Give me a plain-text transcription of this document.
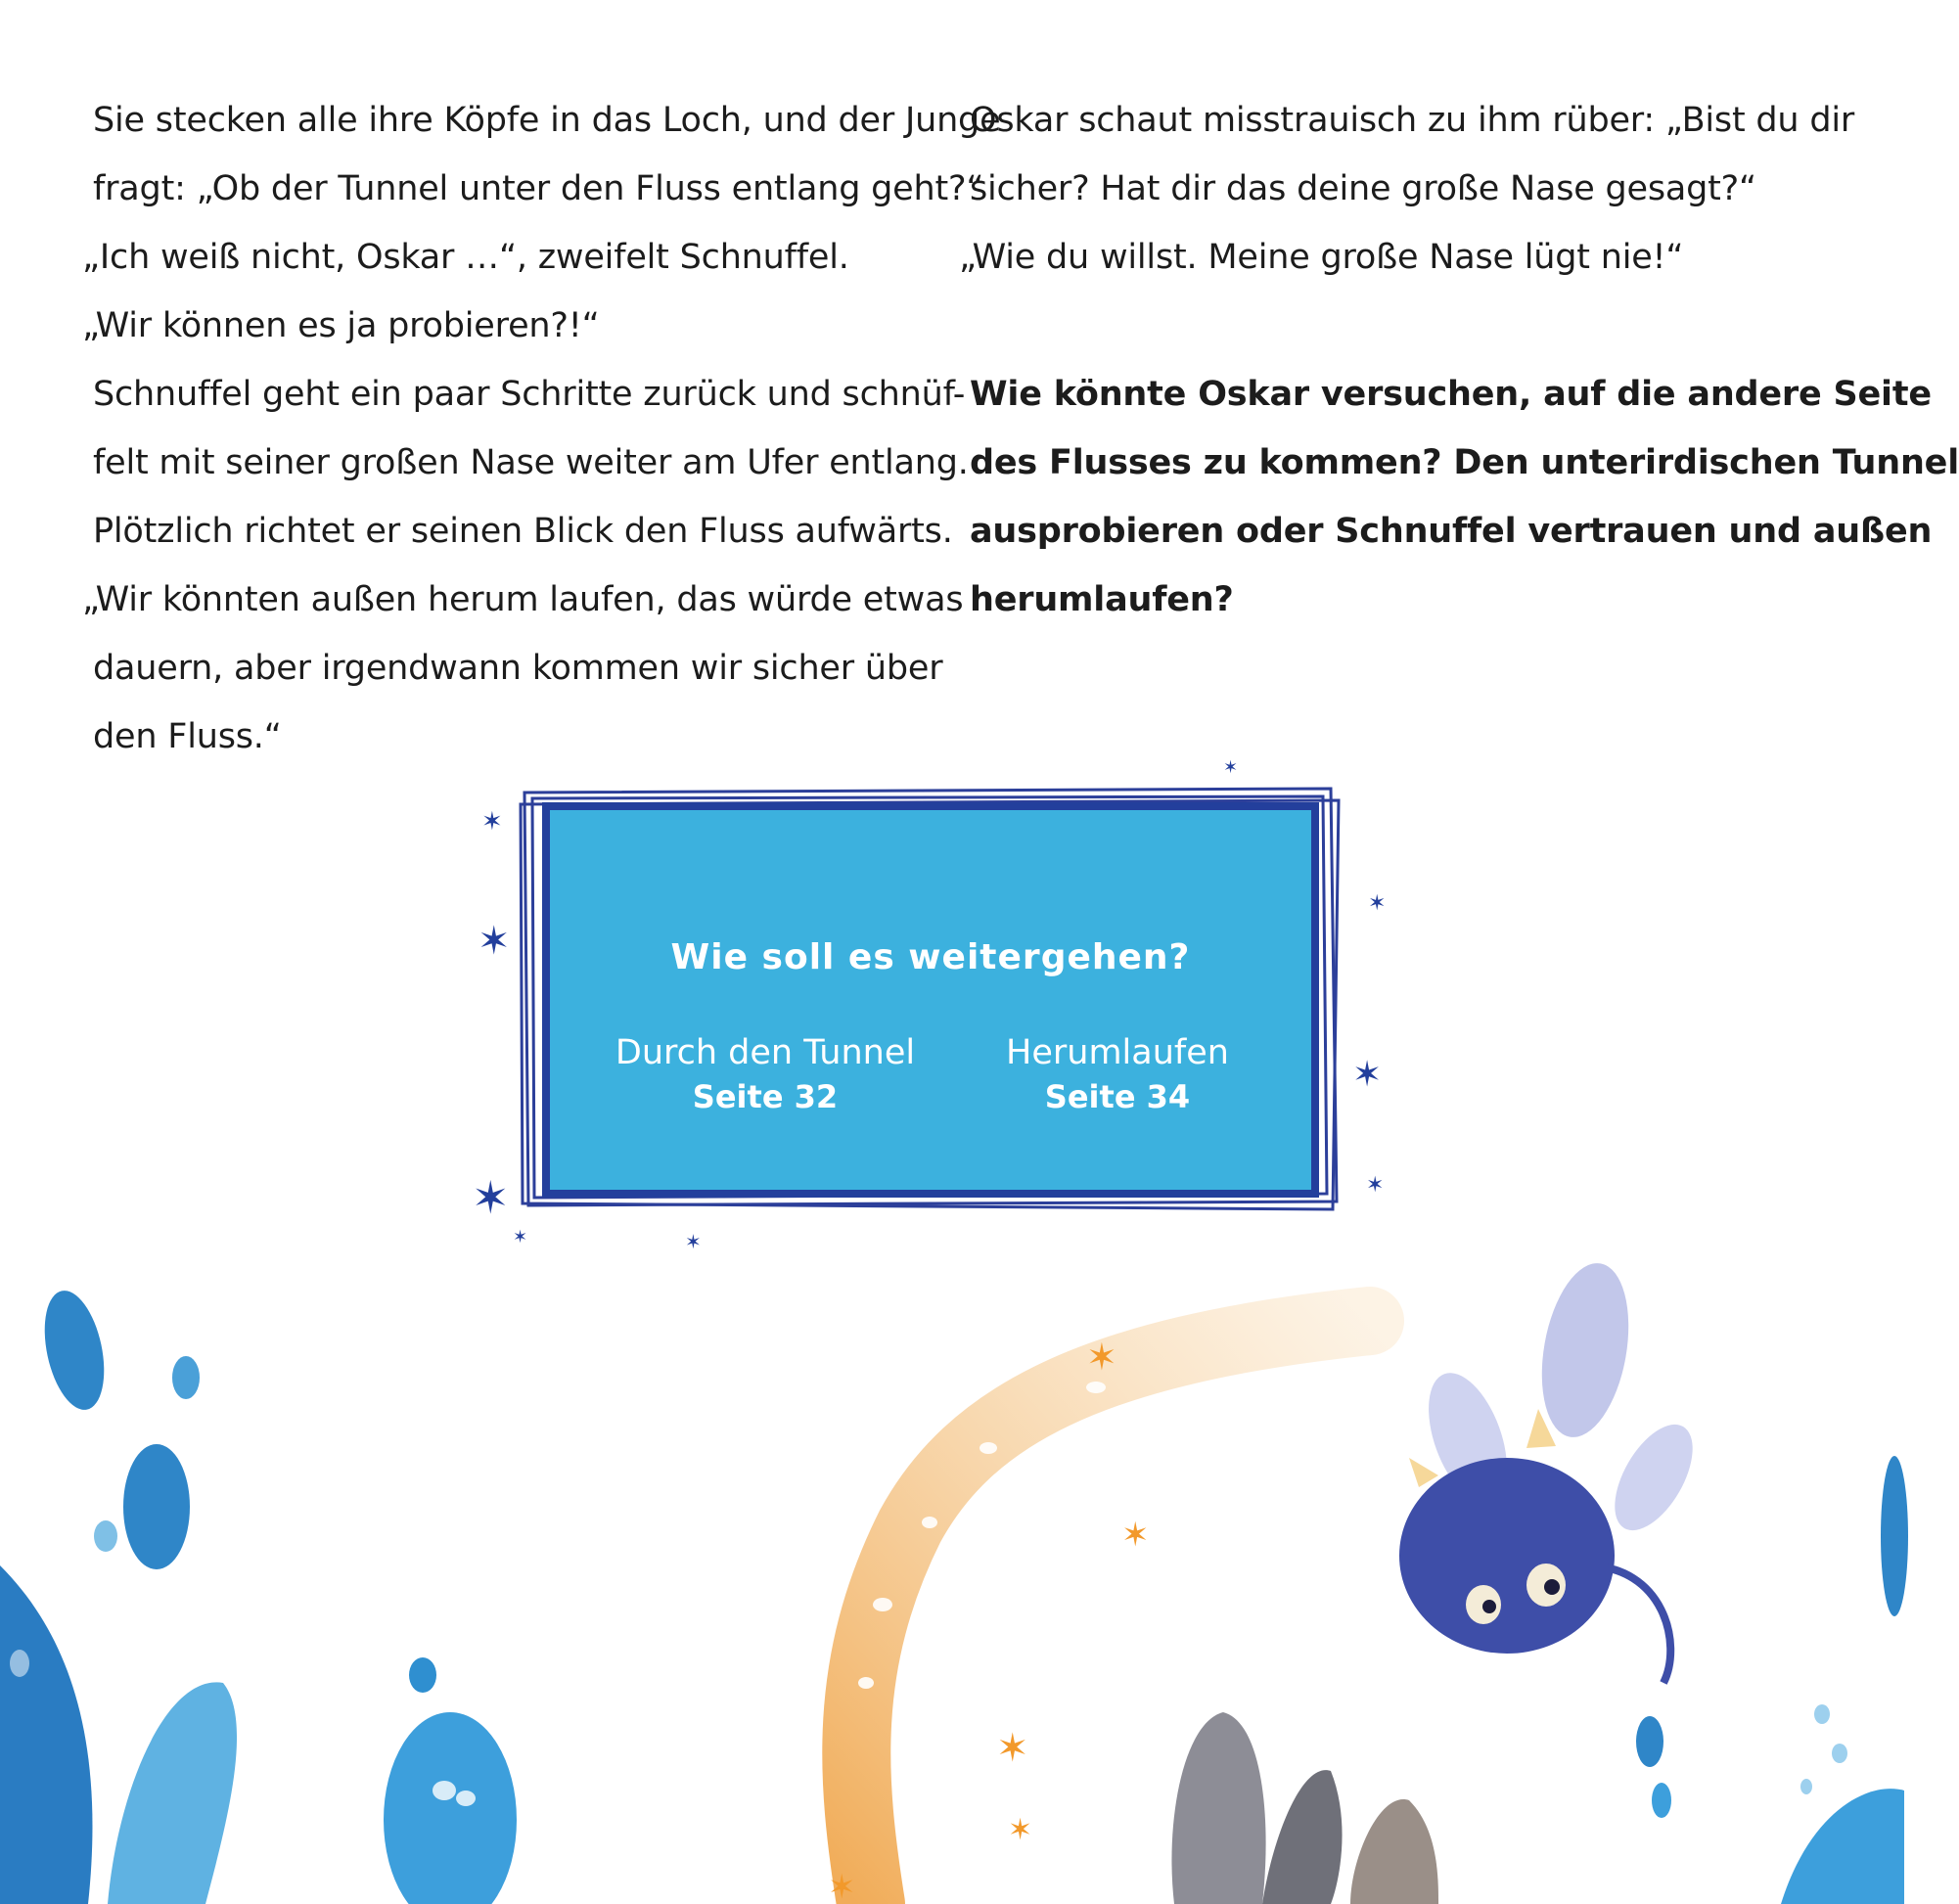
Sie stecken alle ihre Köpfe in das Loch, und der Junge
fragt: „Ob der Tunnel unter den Fluss entlang geht?“
„Ich weiß nicht, Oskar …“, zweifelt Schnuffel.
„Wir können es ja probieren?!“
Schnuffel geht ein paar Schritte zurück und schnüf-
felt mit seiner großen Nase weiter am Ufer entlang.
Plötzlich richtet er seinen Blick den Fluss aufwärts.
„Wir könnten außen herum laufen, das würde etwas
dauern, aber irgendwann kommen wir sicher über
den Fluss.“
Oskar schaut misstrauisch zu ihm rüber: „Bist du dir
sicher? Hat dir das deine große Nase gesagt?“
„Wie du willst. Meine große Nase lügt nie!“
Wie könnte Oskar versuchen, auf die andere Seite
des Flusses zu kommen? Den unterirdischen Tunnel
ausprobieren oder Schnuffel vertrauen und außen
herumlaufen?
✶
✶
✶
✶
✶
✶
✶
✶	✶
Wie soll es weitergehen?
Durch den Tunnel
Seite 32
Herumlaufen
Seite 34
✶
✶
✶
✶
✶
